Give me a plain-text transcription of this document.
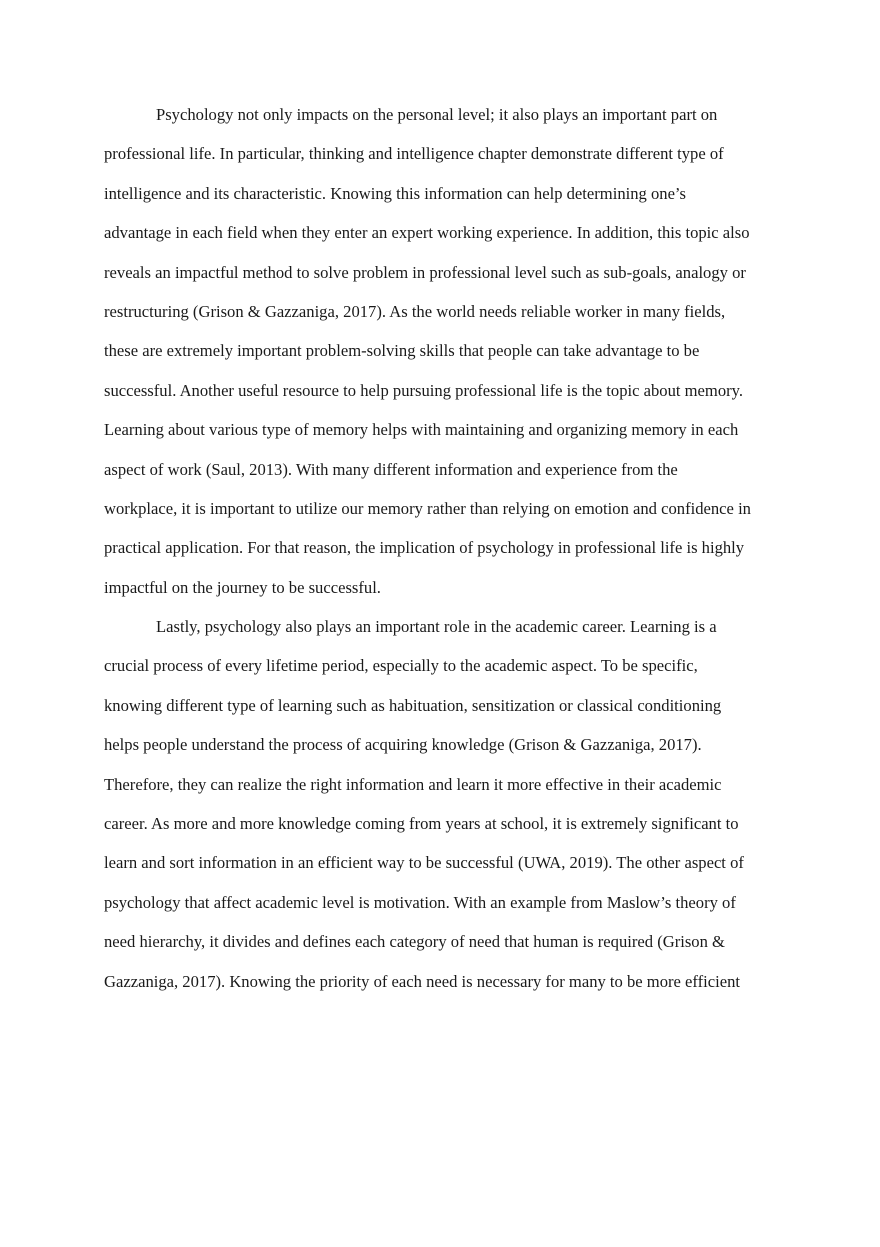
Psychology not only impacts on the personal level; it also plays an important part on
professional life. In particular, thinking and intelligence chapter demonstrate different type of
intelligence and its characteristic. Knowing this information can help determining one’s
advantage in each field when they enter an expert working experience. In addition, this topic also
reveals an impactful method to solve problem in professional level such as sub-goals, analogy or
restructuring (Grison & Gazzaniga, 2017). As the world needs reliable worker in many fields,
these are extremely important problem-solving skills that people can take advantage to be
successful. Another useful resource to help pursuing professional life is the topic about memory.
Learning about various type of memory helps with maintaining and organizing memory in each
aspect of work (Saul, 2013). With many different information and experience from the
workplace, it is important to utilize our memory rather than relying on emotion and confidence in
practical application. For that reason, the implication of psychology in professional life is highly
impactful on the journey to be successful.
Lastly, psychology also plays an important role in the academic career. Learning is a
crucial process of every lifetime period, especially to the academic aspect. To be specific,
knowing different type of learning such as habituation, sensitization or classical conditioning
helps people understand the process of acquiring knowledge (Grison & Gazzaniga, 2017).
Therefore, they can realize the right information and learn it more effective in their academic
career. As more and more knowledge coming from years at school, it is extremely significant to
learn and sort information in an efficient way to be successful (UWA, 2019). The other aspect of
psychology that affect academic level is motivation. With an example from Maslow’s theory of
need hierarchy, it divides and defines each category of need that human is required (Grison &
Gazzaniga, 2017). Knowing the priority of each need is necessary for many to be more efficient
